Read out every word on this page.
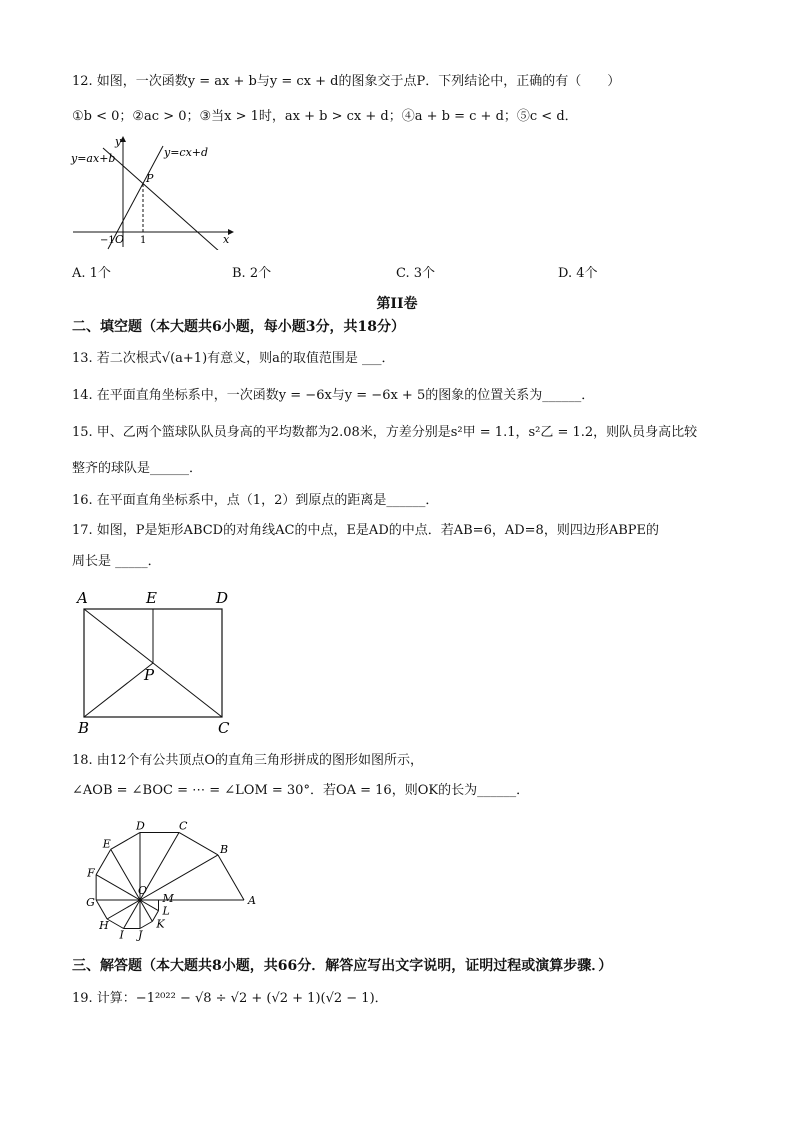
12. 如图，一次函数y = ax + b与y = cx + d的图象交于点P．下列结论中，正确的有（　　）
①b < 0；②ac > 0；③当x > 1时，ax + b > cx + d；④a + b = c + d；⑤c < d．
y=ax+b	y=cx+d
y
x
P
O
−1	1
A. 1个	B. 2个	C. 3个	D. 4个
第II卷
二、填空题（本大题共6小题，每小题3分，共18分）
13. 若二次根式√(a+1)有意义，则a的取值范围是 ___．
14. 在平面直角坐标系中，一次函数y = −6x与y = −6x + 5的图象的位置关系为______．
15. 甲、乙两个篮球队队员身高的平均数都为2.08米，方差分别是s²甲 = 1.1，s²乙 = 1.2，则队员身高比较
整齐的球队是______．
16. 在平面直角坐标系中，点（1，2）到原点的距离是______．
17. 如图，P是矩形ABCD的对角线AC的中点，E是AD的中点．若AB=6，AD=8，则四边形ABPE的
周长是 _____．
A	E	D
B	C
P
18. 由12个有公共顶点O的直角三角形拼成的图形如图所示，
∠AOB = ∠BOC = ⋯ = ∠LOM = 30°．若OA = 16，则OK的长为______．
A
B
C
D
E
F
G
H
I J
K
L
M
O
三、解答题（本大题共8小题，共66分．解答应写出文字说明，证明过程或演算步骤．）
19. 计算：−1²⁰²² − √8 ÷ √2 + (√2 + 1)(√2 − 1)．
